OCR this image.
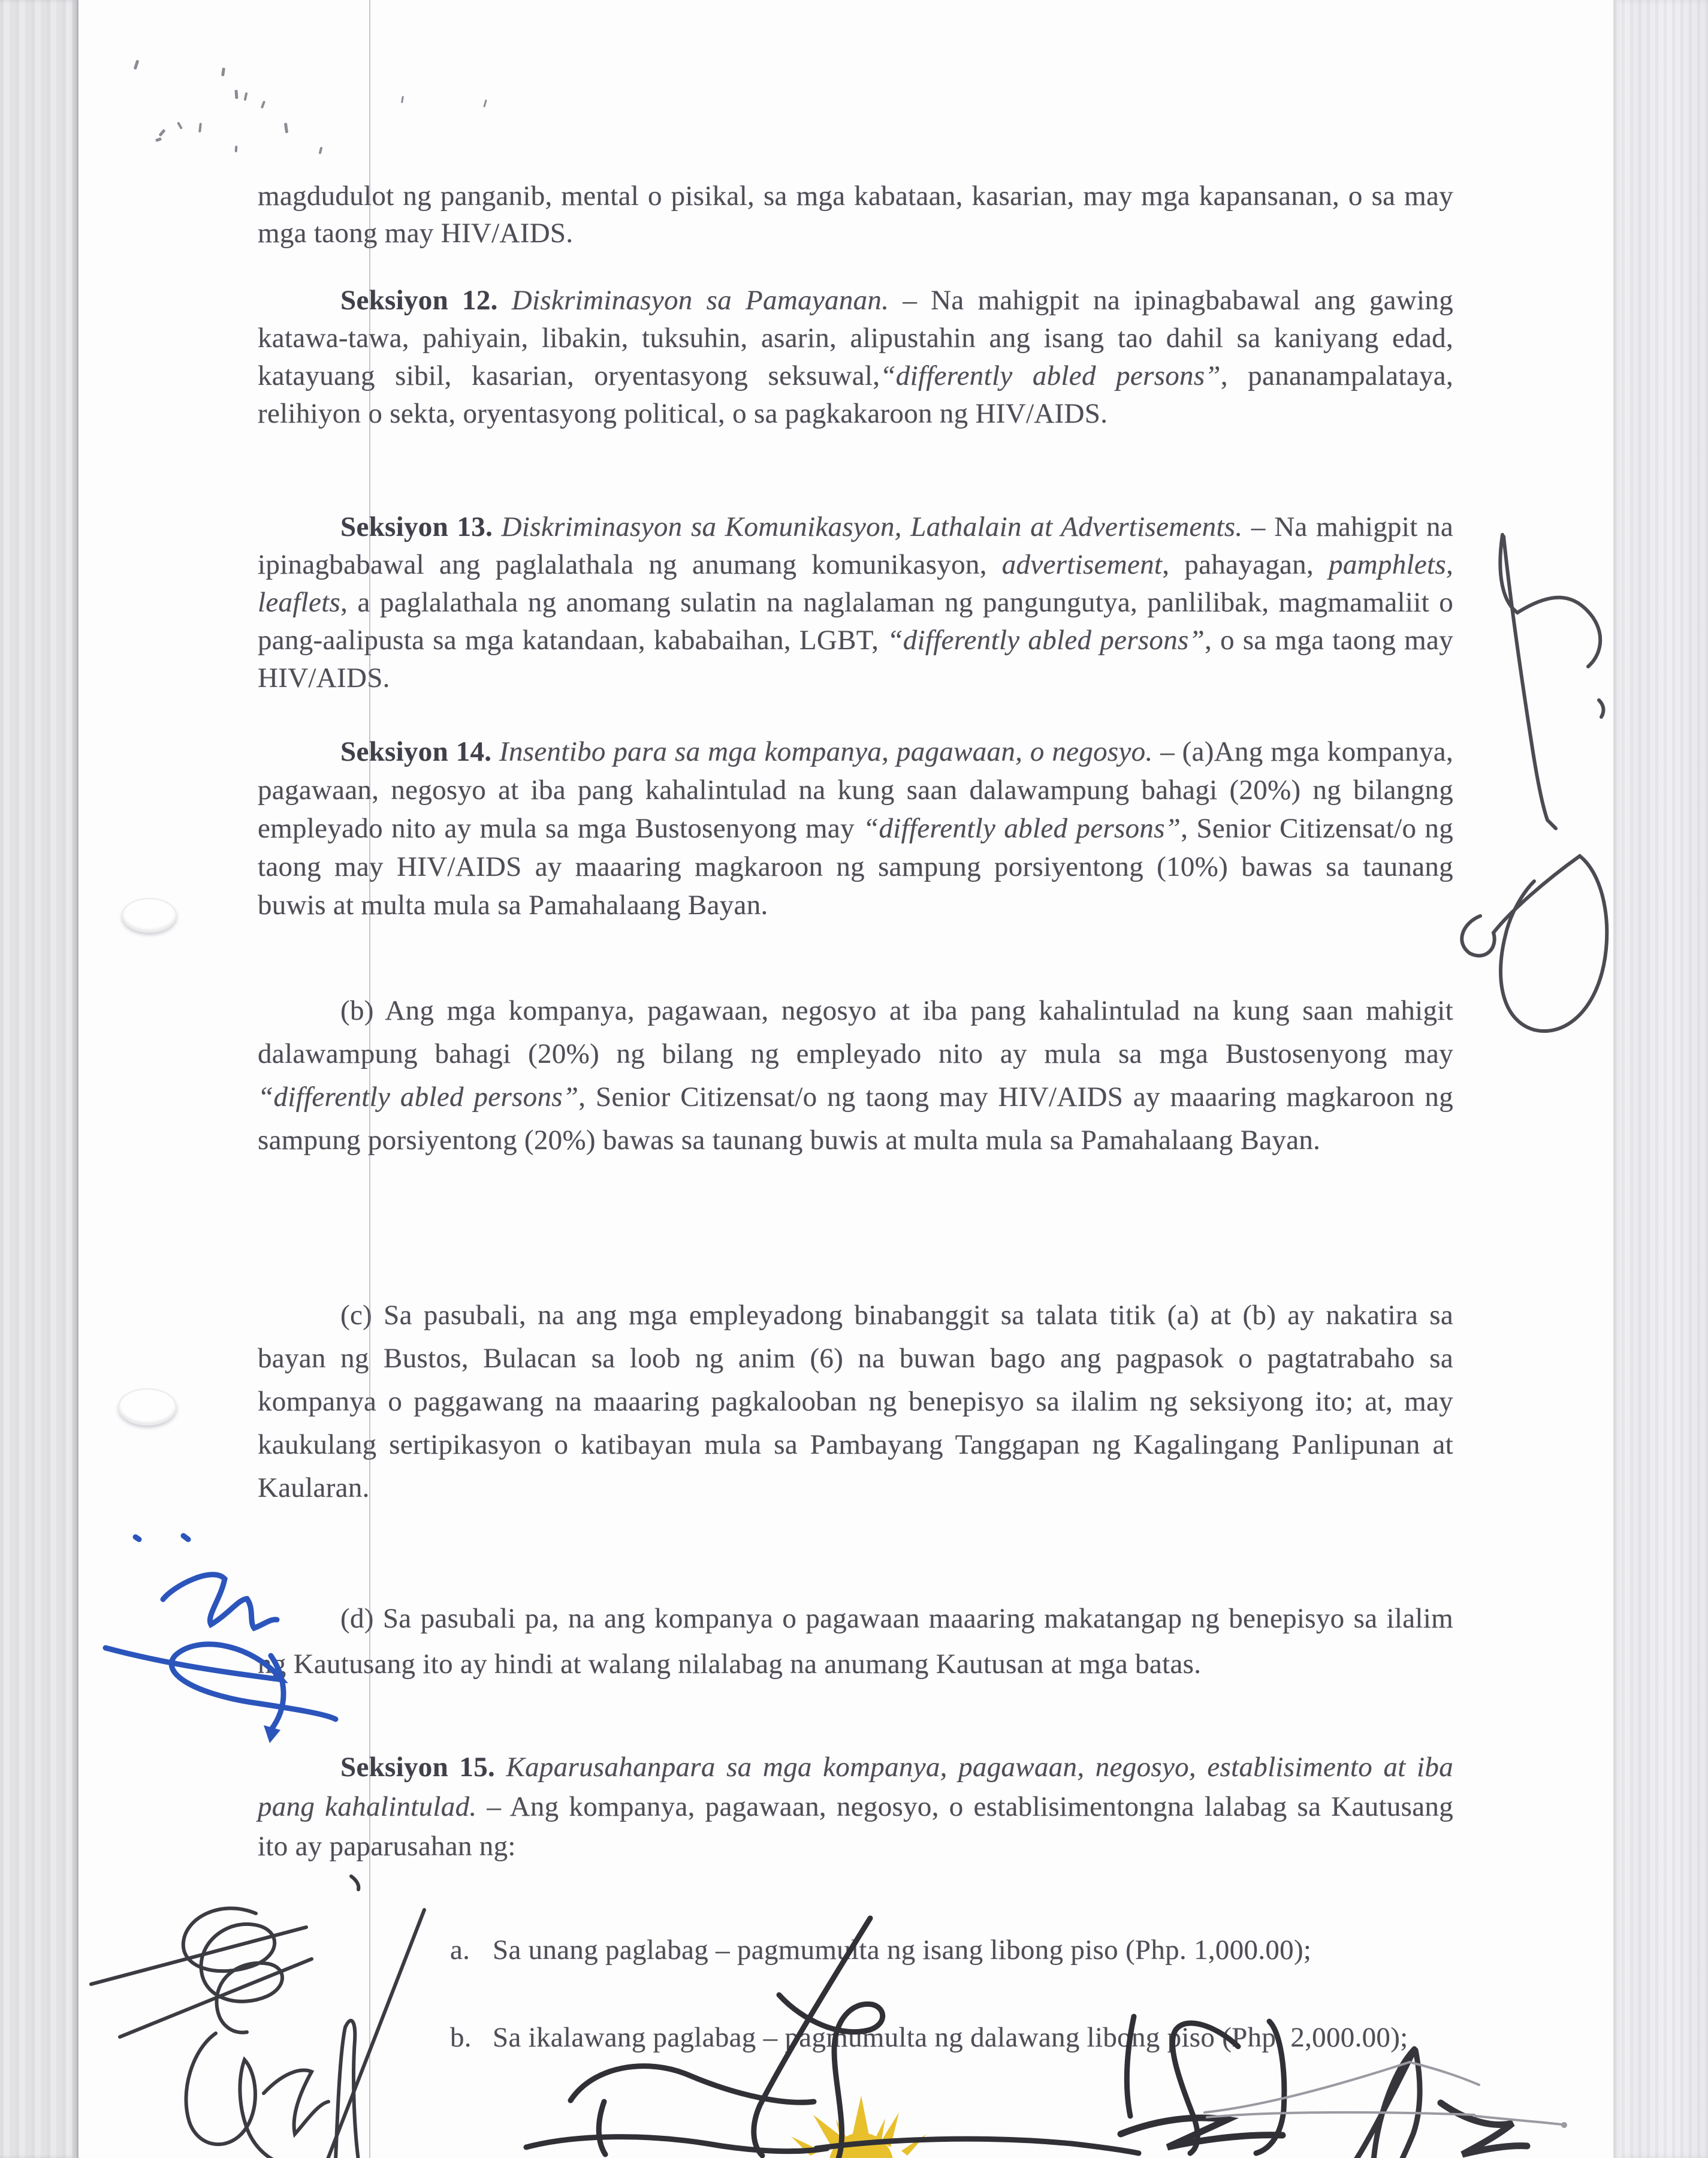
magdudulot ng panganib, mental o pisikal, sa mga kabataan, kasarian, may mga kapansanan, o sa may mga taong may HIV/AIDS.
Seksiyon 12. Diskriminasyon sa Pamayanan. – Na mahigpit na ipinagbabawal ang gawing katawa-tawa, pahiyain, libakin, tuksuhin, asarin, alipustahin ang isang tao dahil sa kaniyang edad, katayuang sibil, kasarian, oryentasyong seksuwal,“differently abled persons”, pananampalataya, relihiyon o sekta, oryentasyong political, o sa pagkakaroon ng HIV/AIDS.
Seksiyon 13. Diskriminasyon sa Komunikasyon, Lathalain at Advertisements. – Na mahigpit na ipinagbabawal ang paglalathala ng anumang komunikasyon, advertisement, pahayagan, pamphlets, leaflets, a paglalathala ng anomang sulatin na naglalaman ng pangungutya, panlilibak, magmamaliit o pang-aalipusta sa mga katandaan, kababaihan, LGBT, “differently abled persons”, o sa mga taong may HIV/AIDS.
Seksiyon 14. Insentibo para sa mga kompanya, pagawaan, o negosyo. – (a)Ang mga kompanya, pagawaan, negosyo at iba pang kahalintulad na kung saan dalawampung bahagi (20%) ng bilangng empleyado nito ay mula sa mga Bustosenyong may “differently abled persons”, Senior Citizensat/o ng taong may HIV/AIDS ay maaaring magkaroon ng sampung porsiyentong (10%) bawas sa taunang buwis at multa mula sa Pamahalaang Bayan.
(b) Ang mga kompanya, pagawaan, negosyo at iba pang kahalintulad na kung saan mahigit dalawampung bahagi (20%) ng bilang ng empleyado nito ay mula sa mga Bustosenyong may “differently abled persons”, Senior Citizensat/o ng taong may HIV/AIDS ay maaaring magkaroon ng sampung porsiyentong (20%) bawas sa taunang buwis at multa mula sa Pamahalaang Bayan.
(c) Sa pasubali, na ang mga empleyadong binabanggit sa talata titik (a) at (b) ay nakatira sa bayan ng Bustos, Bulacan sa loob ng anim (6) na buwan bago ang pagpasok o pagtatrabaho sa kompanya o paggawang na maaaring pagkalooban ng benepisyo sa ilalim ng seksiyong ito; at, may kaukulang sertipikasyon o katibayan mula sa Pambayang Tanggapan ng Kagalingang Panlipunan at Kaularan.
(d) Sa pasubali pa, na ang kompanya o pagawaan maaaring makatangap ng benepisyo sa ilalim ng Kautusang ito ay hindi at walang nilalabag na anumang Kautusan at mga batas.
Seksiyon 15. Kaparusahanpara sa mga kompanya, pagawaan, negosyo, establisimento at iba pang kahalintulad. – Ang kompanya, pagawaan, negosyo, o establisimentongna lalabag sa Kautusang ito ay paparusahan ng:
a. Sa unang paglabag – pagmumulta ng isang libong piso (Php. 1,000.00);
b. Sa ikalawang paglabag – pagmumulta ng dalawang libong piso (Php. 2,000.00);
